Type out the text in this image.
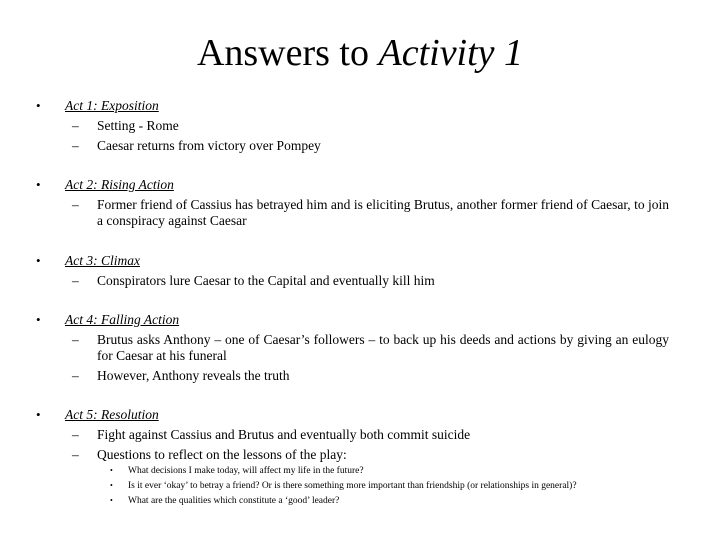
Answers to Activity 1
• Act 1: Exposition
– Setting - Rome
– Caesar returns from victory over Pompey
• Act 2: Rising Action
– Former friend of Cassius has betrayed him and is eliciting Brutus, another former friend of Caesar, to join a conspiracy against Caesar
• Act 3: Climax
– Conspirators lure Caesar to the Capital and eventually kill him
• Act 4: Falling Action
– Brutus asks Anthony – one of Caesar’s followers – to back up his deeds and actions by giving an eulogy for Caesar at his funeral
– However, Anthony reveals the truth
• Act 5: Resolution
– Fight against Cassius and Brutus and eventually both commit suicide
– Questions to reflect on the lessons of the play:
• What decisions I make today, will affect my life in the future?
• Is it ever ‘okay’ to betray a friend? Or is there something more important than friendship (or relationships in general)?
• What are the qualities which constitute a ‘good’ leader?
